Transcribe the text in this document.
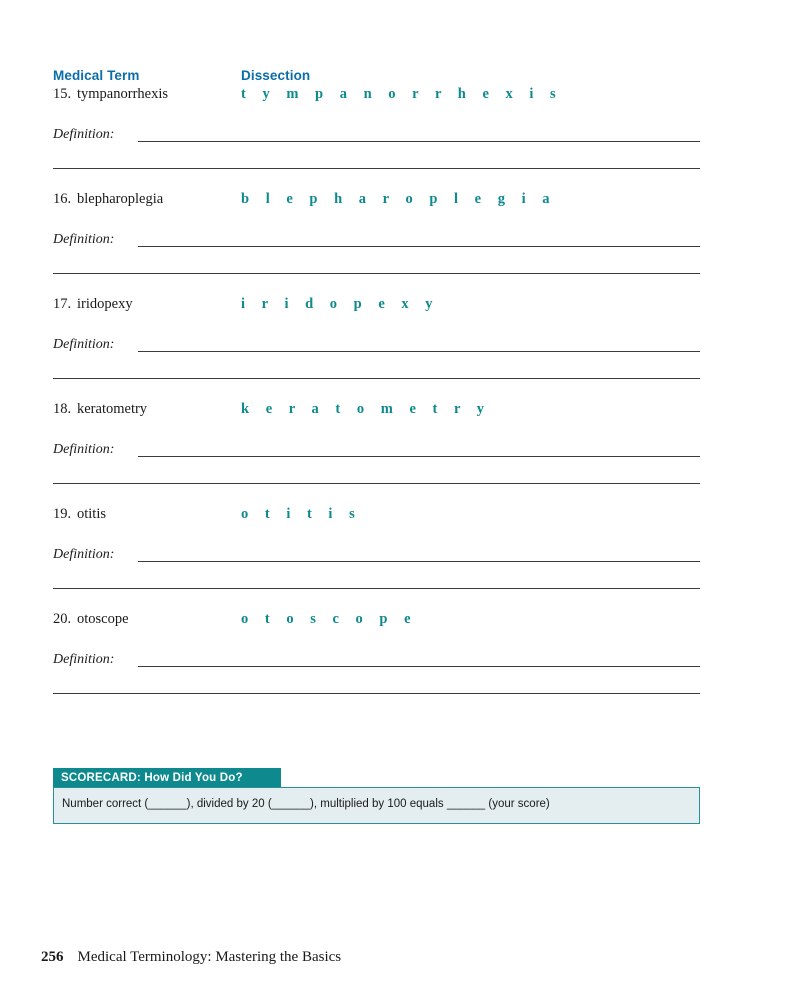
Medical Term	Dissection
15. tympanorrhexis	t y m p a n o r r h e x i s
Definition:
16. blepharoplegia	b l e p h a r o p l e g i a
Definition:
17. iridopexy	i r i d o p e x y
Definition:
18. keratometry	k e r a t o m e t r y
Definition:
19. otitis	o t i t i s
Definition:
20. otoscope	o t o s c o p e
Definition:
SCORECARD: How Did You Do?
Number correct (______), divided by 20 (______), multiplied by 100 equals ______ (your score)
256 Medical Terminology: Mastering the Basics
